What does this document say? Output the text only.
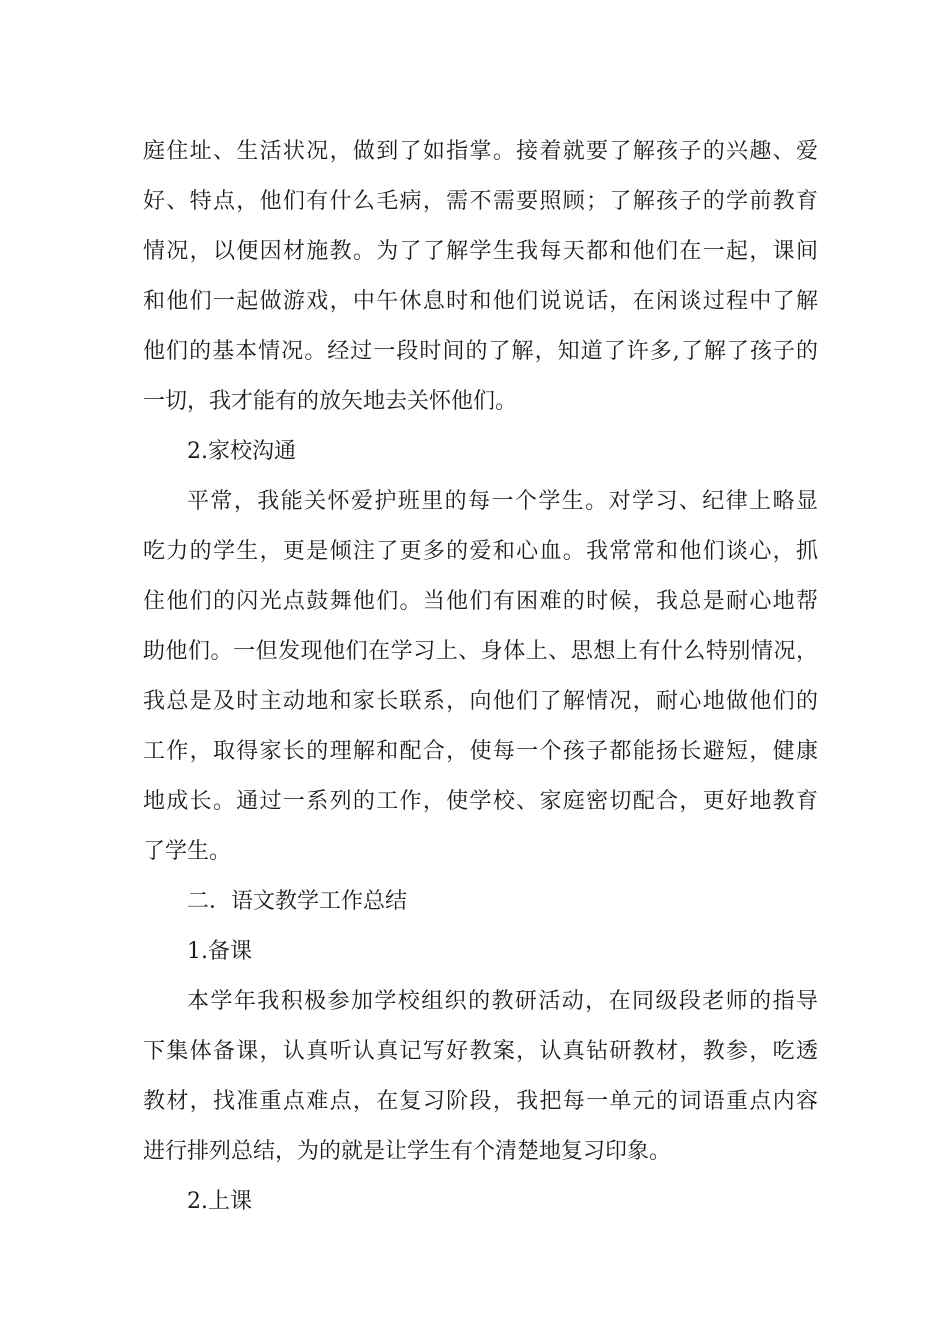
庭住址、生活状况，做到了如指掌。接着就要了解孩子的兴趣、爱
好、特点，他们有什么毛病，需不需要照顾；了解孩子的学前教育
情况，以便因材施教。为了了解学生我每天都和他们在一起，课间
和他们一起做游戏，中午休息时和他们说说话，在闲谈过程中了解
他们的基本情况。经过一段时间的了解，知道了许多,了解了孩子的
一切，我才能有的放矢地去关怀他们。
2.家校沟通
平常，我能关怀爱护班里的每一个学生。对学习、纪律上略显
吃力的学生，更是倾注了更多的爱和心血。我常常和他们谈心，抓
住他们的闪光点鼓舞他们。当他们有困难的时候，我总是耐心地帮
助他们。一但发现他们在学习上、身体上、思想上有什么特别情况，
我总是及时主动地和家长联系，向他们了解情况，耐心地做他们的
工作，取得家长的理解和配合，使每一个孩子都能扬长避短，健康
地成长。通过一系列的工作，使学校、家庭密切配合，更好地教育
了学生。
二．语文教学工作总结
1.备课
本学年我积极参加学校组织的教研活动，在同级段老师的指导
下集体备课，认真听认真记写好教案，认真钻研教材，教参，吃透
教材，找准重点难点，在复习阶段，我把每一单元的词语重点内容
进行排列总结，为的就是让学生有个清楚地复习印象。
2.上课
